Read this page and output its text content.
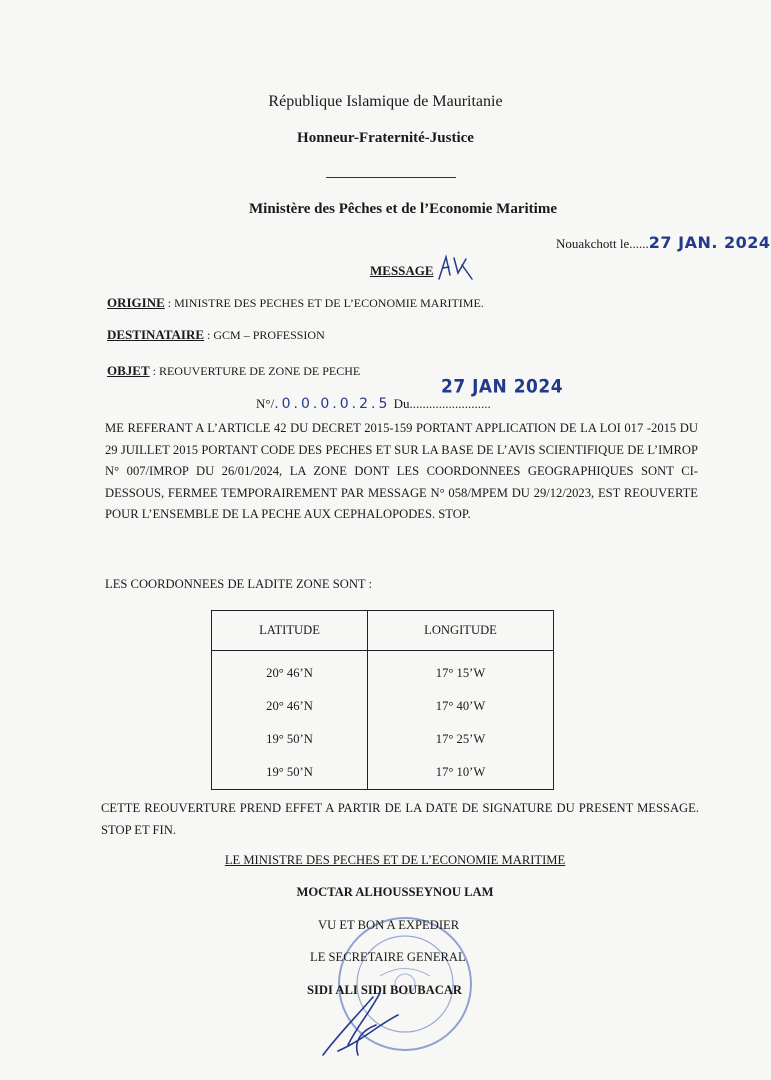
République Islamique de Mauritanie
Honneur-Fraternité-Justice
Ministère des Pêches et de l’Economie Maritime
Nouakchott le......27 JAN. 2024
MESSAGE
ORIGINE : MINISTRE DES PECHES ET DE L’ECONOMIE MARITIME.
DESTINATAIRE : GCM – PROFESSION
OBJET : REOUVERTURE DE ZONE DE PECHE
27 JAN 2024
N°/.0.0.0.0.2.5 Du.........................
ME REFERANT A L’ARTICLE 42 DU DECRET 2015-159 PORTANT APPLICATION DE LA LOI 017 -2015 DU 29 JUILLET 2015 PORTANT CODE DES PECHES ET SUR LA BASE DE L’AVIS SCIENTIFIQUE DE L’IMROP N° 007/IMROP DU 26/01/2024, LA ZONE DONT LES COORDONNEES GEOGRAPHIQUES SONT CI-DESSOUS, FERMEE TEMPORAIREMENT PAR MESSAGE N° 058/MPEM DU 29/12/2023, EST REOUVERTE POUR L’ENSEMBLE DE LA PECHE AUX CEPHALOPODES. STOP.
LES COORDONNEES DE LADITE ZONE SONT :
LATITUDE	LONGITUDE
20° 46’N	17° 15’W
20° 46’N	17° 40’W
19° 50’N	17° 25’W
19° 50’N	17° 10’W
CETTE REOUVERTURE PREND EFFET A PARTIR DE LA DATE DE SIGNATURE DU PRESENT MESSAGE. STOP ET FIN.
LE MINISTRE DES PECHES ET DE L’ECONOMIE MARITIME
MOCTAR ALHOUSSEYNOU LAM
VU ET BON A EXPEDIER
LE SECRETAIRE GENERAL
SIDI ALI SIDI BOUBACAR
